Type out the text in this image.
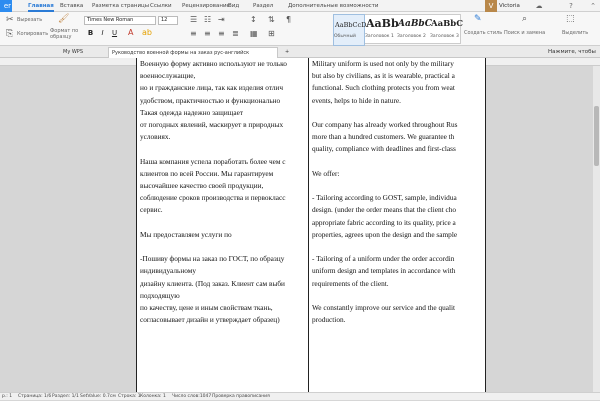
er	Главная Вставка Разметка страницы Ссылки Рецензирование
Вид	Раздел	Дополнительные возможности	V	Victoria ☁	?	⌃
✂ Вырезать
⎘ Копировать
🖌
Формат по образцу
Times New Roman	12
B	I	U A ab
☰ ☷ ⇥
≡ ≡ ≡ ≣
↕ ⇅ ¶
▦ ⊞
AaBbCcD
Обычный
AaBb
Заголовок 1
AaBbC
Заголовок 2
AaBbC
Заголовок 3
✎
Создать стиль
⌕
Поиск и замена
⬚
Выделить
My WPS	Руководство военной формы на заказ рус-английск	+	Нажмите, чтобы
Военную форму активно используют не только
военнослужащие,
но и гражданские лица, так как изделия отлич
удобством, практичностью и функционально
Такая одежда надежно защищает
от погодных явлений, маскирует в природных
условиях.
Наша компания успела поработать более чем с
клиентов по всей России. Мы гарантируем
высочайшее качество своей продукции,
соблюдение сроков производства и первокласс
сервис.
Мы предоставляем услуги по
-Пошиву формы на заказ по ГОСТ, по образцу
индивидуальному
дизайну клиента. (Под заказ. Клиент сам выби
подходящую
по качеству, цене и иным свойствам ткань,
согласовывает дизайн и утверждает образец)
Military uniform is used not only by the military
but also by civilians, as it is wearable, practical a
functional. Such clothing protects you from weat
events, helps to hide in nature.
Our company has already worked throughout Rus
more than a hundred customers. We guarantee th
quality, compliance with deadlines and first-class
We offer:
- Tailoring according to GOST, sample, individua
design. (under the order means that the client cho
appropriate fabric according to its quality, price a
properties, agrees upon the design and the sample
- Tailoring of a uniform under the order accordin
uniform design and templates in accordance with
requirements of the client.
We constantly improve our service and the qualit
production.
р.: 1 Страница: 1/6 Раздел: 1/1 SetValue: 0.7см Строка: 1 Колонка: 1 Число слов:1047 Проверка правописания
